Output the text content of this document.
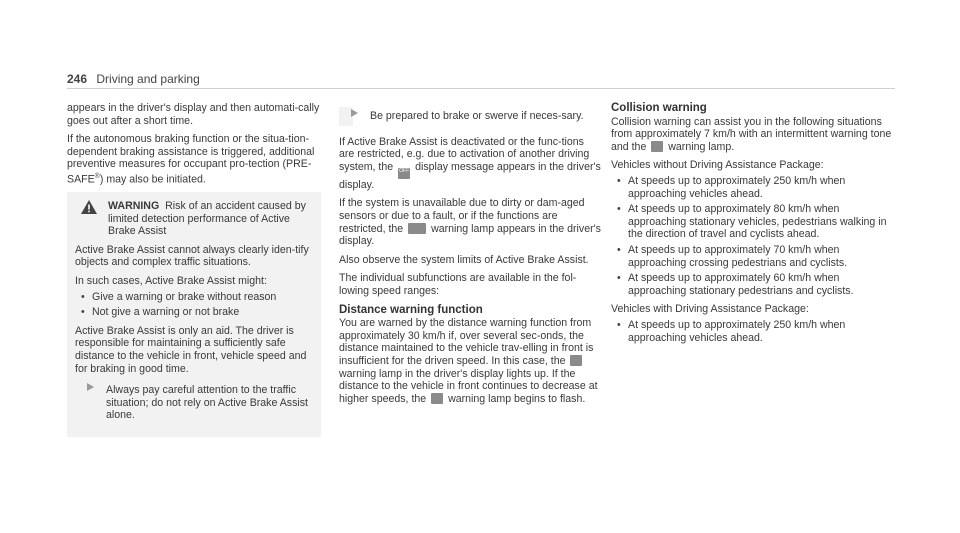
246 Driving and parking

appears in the driver's display and then automati-cally goes out after a short time.

If the autonomous braking function or the situa-tion-dependent braking assistance is triggered, additional preventive measures for occupant pro-tection (PRE-SAFE®) may also be initiated.

WARNING Risk of an accident caused by limited detection performance of Active Brake Assist

Active Brake Assist cannot always clearly iden-tify objects and complex traffic situations.

In such cases, Active Brake Assist might:

• Give a warning or brake without reason
• Not give a warning or not brake

Active Brake Assist is only an aid. The driver is responsible for maintaining a sufficiently safe distance to the vehicle in front, vehicle speed and for braking in good time.

Always pay careful attention to the traffic situation; do not rely on Active Brake Assist alone.
Be prepared to brake or swerve if neces-sary.

If Active Brake Assist is deactivated or the func-tions are restricted, e.g. due to activation of another driving system, the OFF display message appears in the driver's display.

If the system is unavailable due to dirty or dam-aged sensors or due to a fault, or if the functions are restricted, the	warning lamp appears in the driver's display.

Also observe the system limits of Active Brake Assist.

The individual subfunctions are available in the fol-lowing speed ranges:

Distance warning function

You are warned by the distance warning function from approximately 30 km/h if, over several sec-onds, the distance maintained to the vehicle trav-elling in front is insufficient for the driven speed. In this case, the  warning lamp in the driver's display lights up. If the distance to the vehicle in front continues to decrease at higher speeds, the warning lamp begins to flash.

Collision warning

Collision warning can assist you in the following situations from approximately 7 km/h with an intermittent warning tone and the warning lamp.

Vehicles without Driving Assistance Package:

• At speeds up to approximately 250 km/h when approaching vehicles ahead.
• At speeds up to approximately 80 km/h when approaching stationary vehicles, pedestrians walking in the direction of travel and cyclists ahead.
• At speeds up to approximately 70 km/h when approaching crossing pedestrians and cyclists.
• At speeds up to approximately 60 km/h when approaching stationary pedestrians and cyclists.

Vehicles with Driving Assistance Package:

• At speeds up to approximately 250 km/h when approaching vehicles ahead.
